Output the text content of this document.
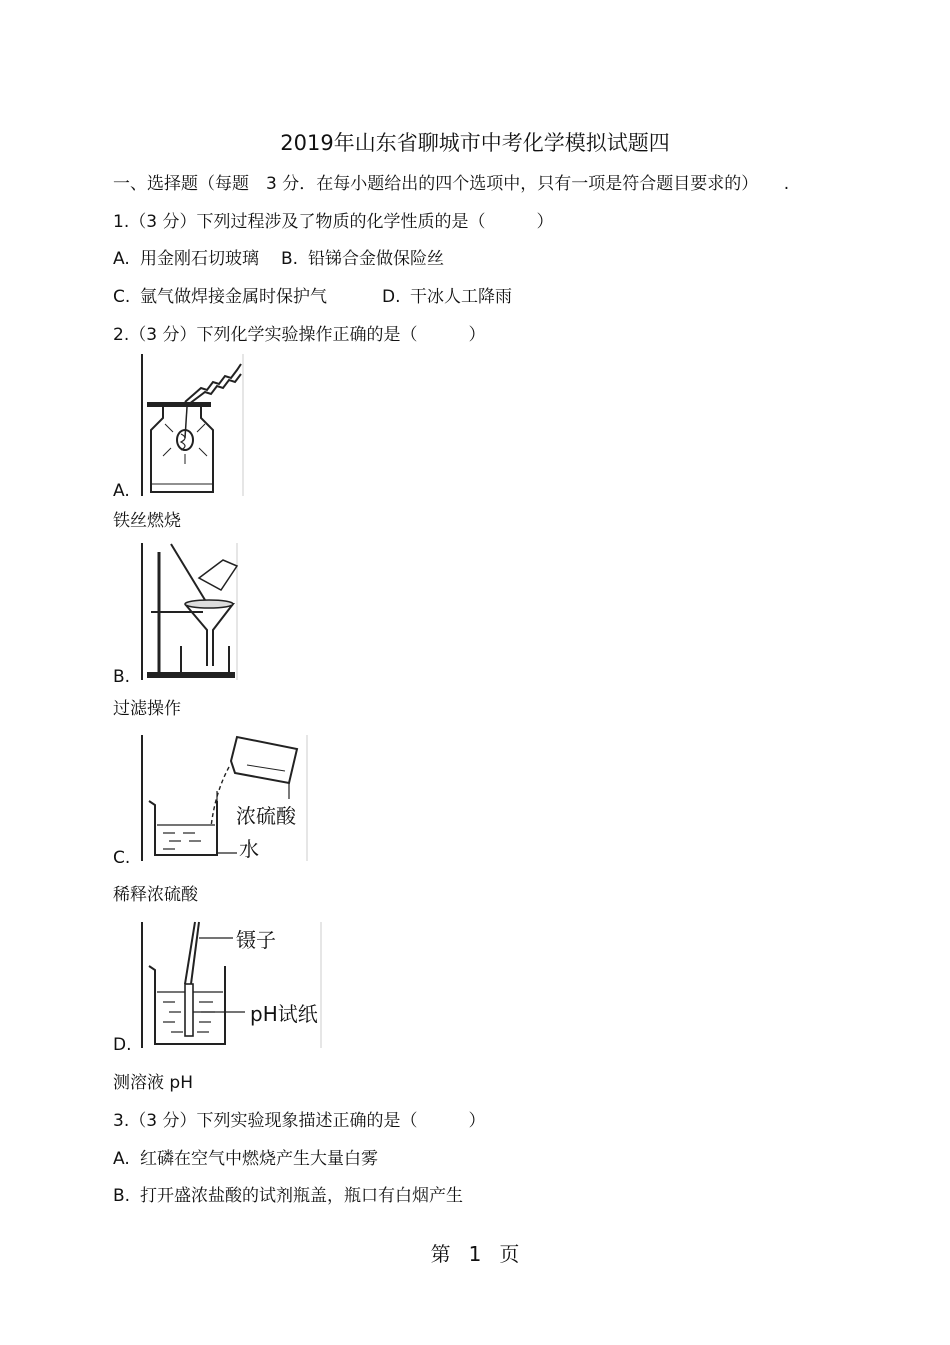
2019年山东省聊城市中考化学模拟试题四

一、选择题（每题　3 分．在每小题给出的四个选项中，只有一项是符合题目要求的）　　.

1.（3 分）下列过程涉及了物质的化学性质的是（　　　）

A. 用金刚石切玻璃 B. 铅锑合金做保险丝

C. 氩气做焊接金属时保护气	D. 干冰人工降雨

2.（3 分）下列化学实验操作正确的是（　　　）

A.

铁丝燃烧

B.

过滤操作

浓硫酸

水

C.

稀释浓硫酸

镊子

pH试纸

D.

测溶液 pH

3.（3 分）下列实验现象描述正确的是（　　　）

A. 红磷在空气中燃烧产生大量白雾

B. 打开盛浓盐酸的试剂瓶盖，瓶口有白烟产生

第 1 页
